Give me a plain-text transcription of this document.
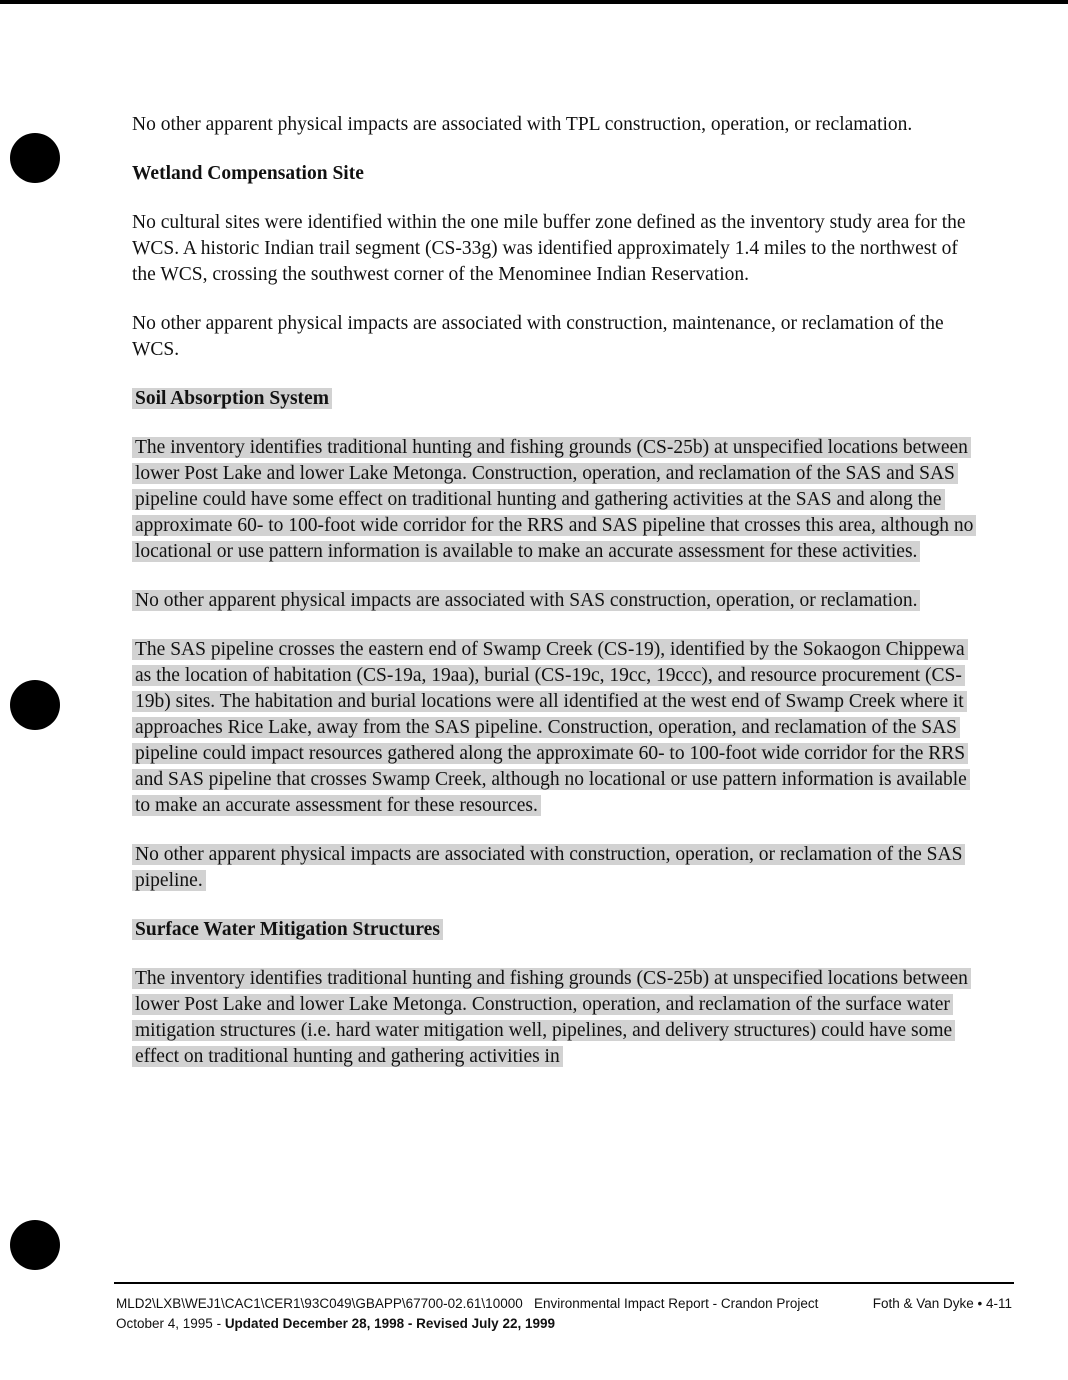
No other apparent physical impacts are associated with TPL construction, operation, or reclamation.

Wetland Compensation Site

No cultural sites were identified within the one mile buffer zone defined as the inventory study area for the WCS. A historic Indian trail segment (CS-33g) was identified approximately 1.4 miles to the northwest of the WCS, crossing the southwest corner of the Menominee Indian Reservation.

No other apparent physical impacts are associated with construction, maintenance, or reclamation of the WCS.

Soil Absorption System

The inventory identifies traditional hunting and fishing grounds (CS-25b) at unspecified locations between lower Post Lake and lower Lake Metonga. Construction, operation, and reclamation of the SAS and SAS pipeline could have some effect on traditional hunting and gathering activities at the SAS and along the approximate 60- to 100-foot wide corridor for the RRS and SAS pipeline that crosses this area, although no locational or use pattern information is available to make an accurate assessment for these activities.

No other apparent physical impacts are associated with SAS construction, operation, or reclamation.

The SAS pipeline crosses the eastern end of Swamp Creek (CS-19), identified by the Sokaogon Chippewa as the location of habitation (CS-19a, 19aa), burial (CS-19c, 19cc, 19ccc), and resource procurement (CS-19b) sites. The habitation and burial locations were all identified at the west end of Swamp Creek where it approaches Rice Lake, away from the SAS pipeline. Construction, operation, and reclamation of the SAS pipeline could impact resources gathered along the approximate 60- to 100-foot wide corridor for the RRS and SAS pipeline that crosses Swamp Creek, although no locational or use pattern information is available to make an accurate assessment for these resources.

No other apparent physical impacts are associated with construction, operation, or reclamation of the SAS pipeline.

Surface Water Mitigation Structures

The inventory identifies traditional hunting and fishing grounds (CS-25b) at unspecified locations between lower Post Lake and lower Lake Metonga. Construction, operation, and reclamation of the surface water mitigation structures (i.e. hard water mitigation well, pipelines, and delivery structures) could have some effect on traditional hunting and gathering activities in

MLD2\LXB\WEJ1\CAC1\CER1\93C049\GBAPP\67700-02.61\10000 Environmental Impact Report - Crandon Project	Foth & Van Dyke • 4-11
October 4, 1995 - Updated December 28, 1998 - Revised July 22, 1999
